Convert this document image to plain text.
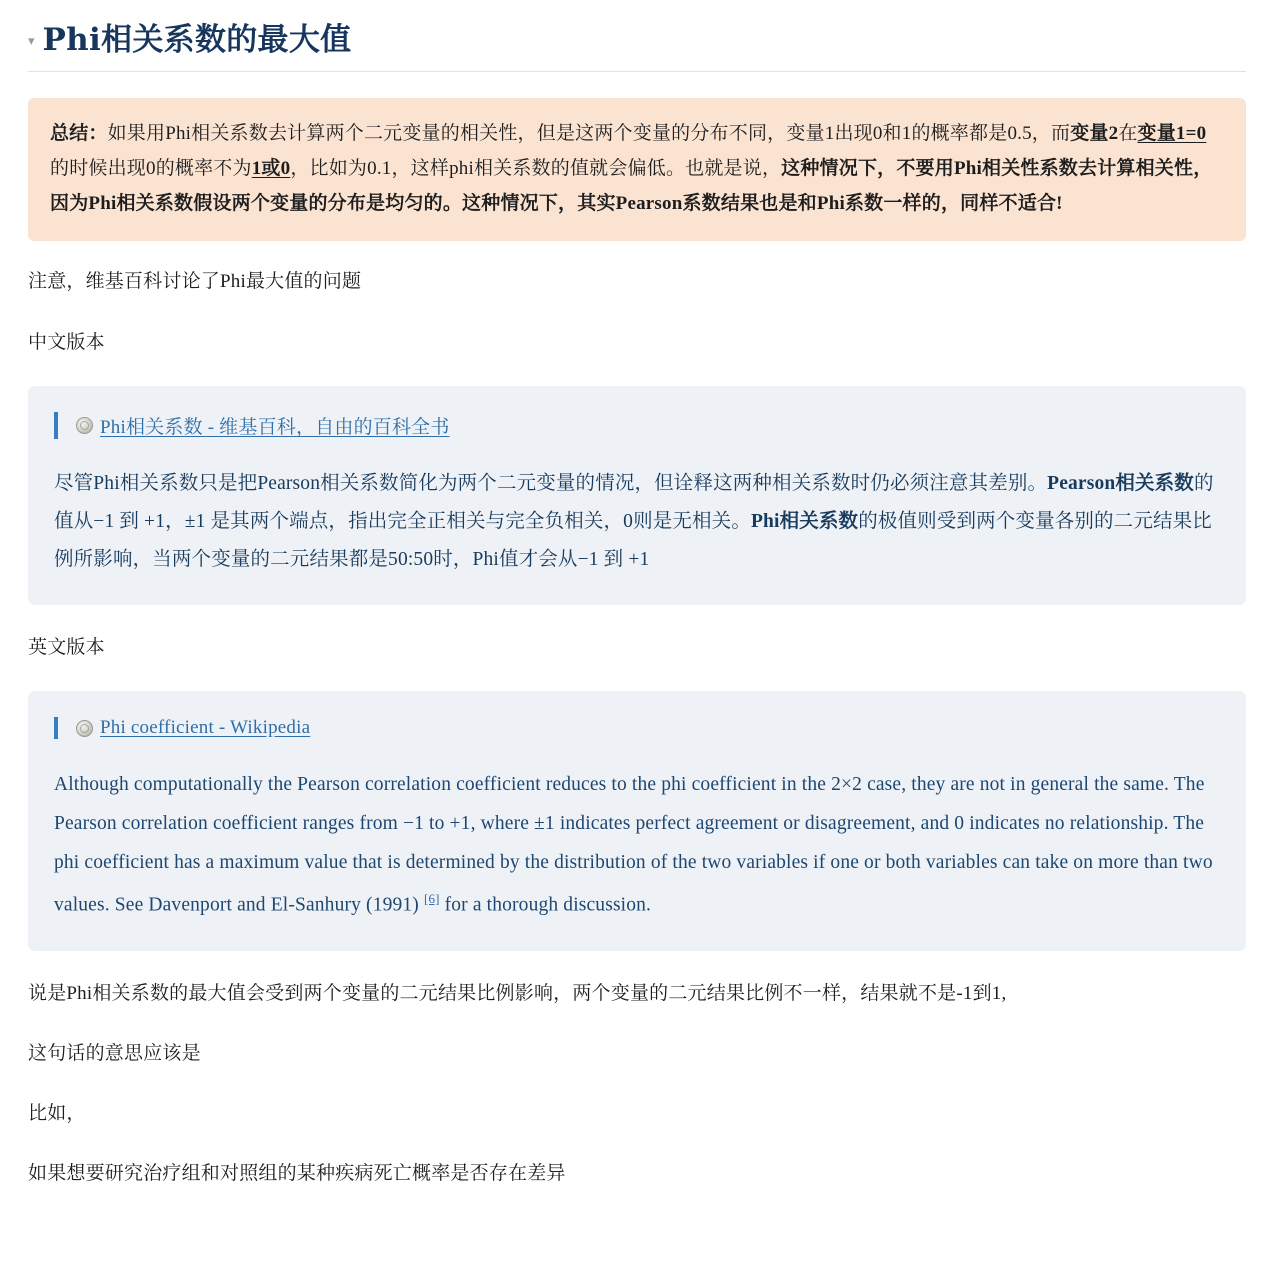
▾ Phi相关系数的最大值
总结：如果用Phi相关系数去计算两个二元变量的相关性，但是这两个变量的分布不同，变量1出现0和1的概率都是0.5，而变量2在变量1=0的时候出现0的概率不为1或0，比如为0.1，这样phi相关系数的值就会偏低。也就是说，这种情况下，不要用Phi相关性系数去计算相关性，因为Phi相关系数假设两个变量的分布是均匀的。这种情况下，其实Pearson系数结果也是和Phi系数一样的，同样不适合!

注意，维基百科讨论了Phi最大值的问题

中文版本

Phi相关系数 - 维基百科，自由的百科全书
尽管Phi相关系数只是把Pearson相关系数简化为两个二元变量的情况，但诠释这两种相关系数时仍必须注意其差别。Pearson相关系数的值从−1 到 +1，±1 是其两个端点，指出完全正相关与完全负相关，0则是无相关。Phi相关系数的极值则受到两个变量各别的二元结果比例所影响，当两个变量的二元结果都是50:50时，Phi值才会从−1 到 +1

英文版本

Phi coefficient - Wikipedia
Although computationally the Pearson correlation coefficient reduces to the phi coefficient in the 2×2 case, they are not in general the same. The Pearson correlation coefficient ranges from −1 to +1, where ±1 indicates perfect agreement or disagreement, and 0 indicates no relationship. The phi coefficient has a maximum value that is determined by the distribution of the two variables if one or both variables can take on more than two values. See Davenport and El-Sanhury (1991) [6] for a thorough discussion.

说是Phi相关系数的最大值会受到两个变量的二元结果比例影响，两个变量的二元结果比例不一样，结果就不是-1到1,

这句话的意思应该是

比如，

如果想要研究治疗组和对照组的某种疾病死亡概率是否存在差异
